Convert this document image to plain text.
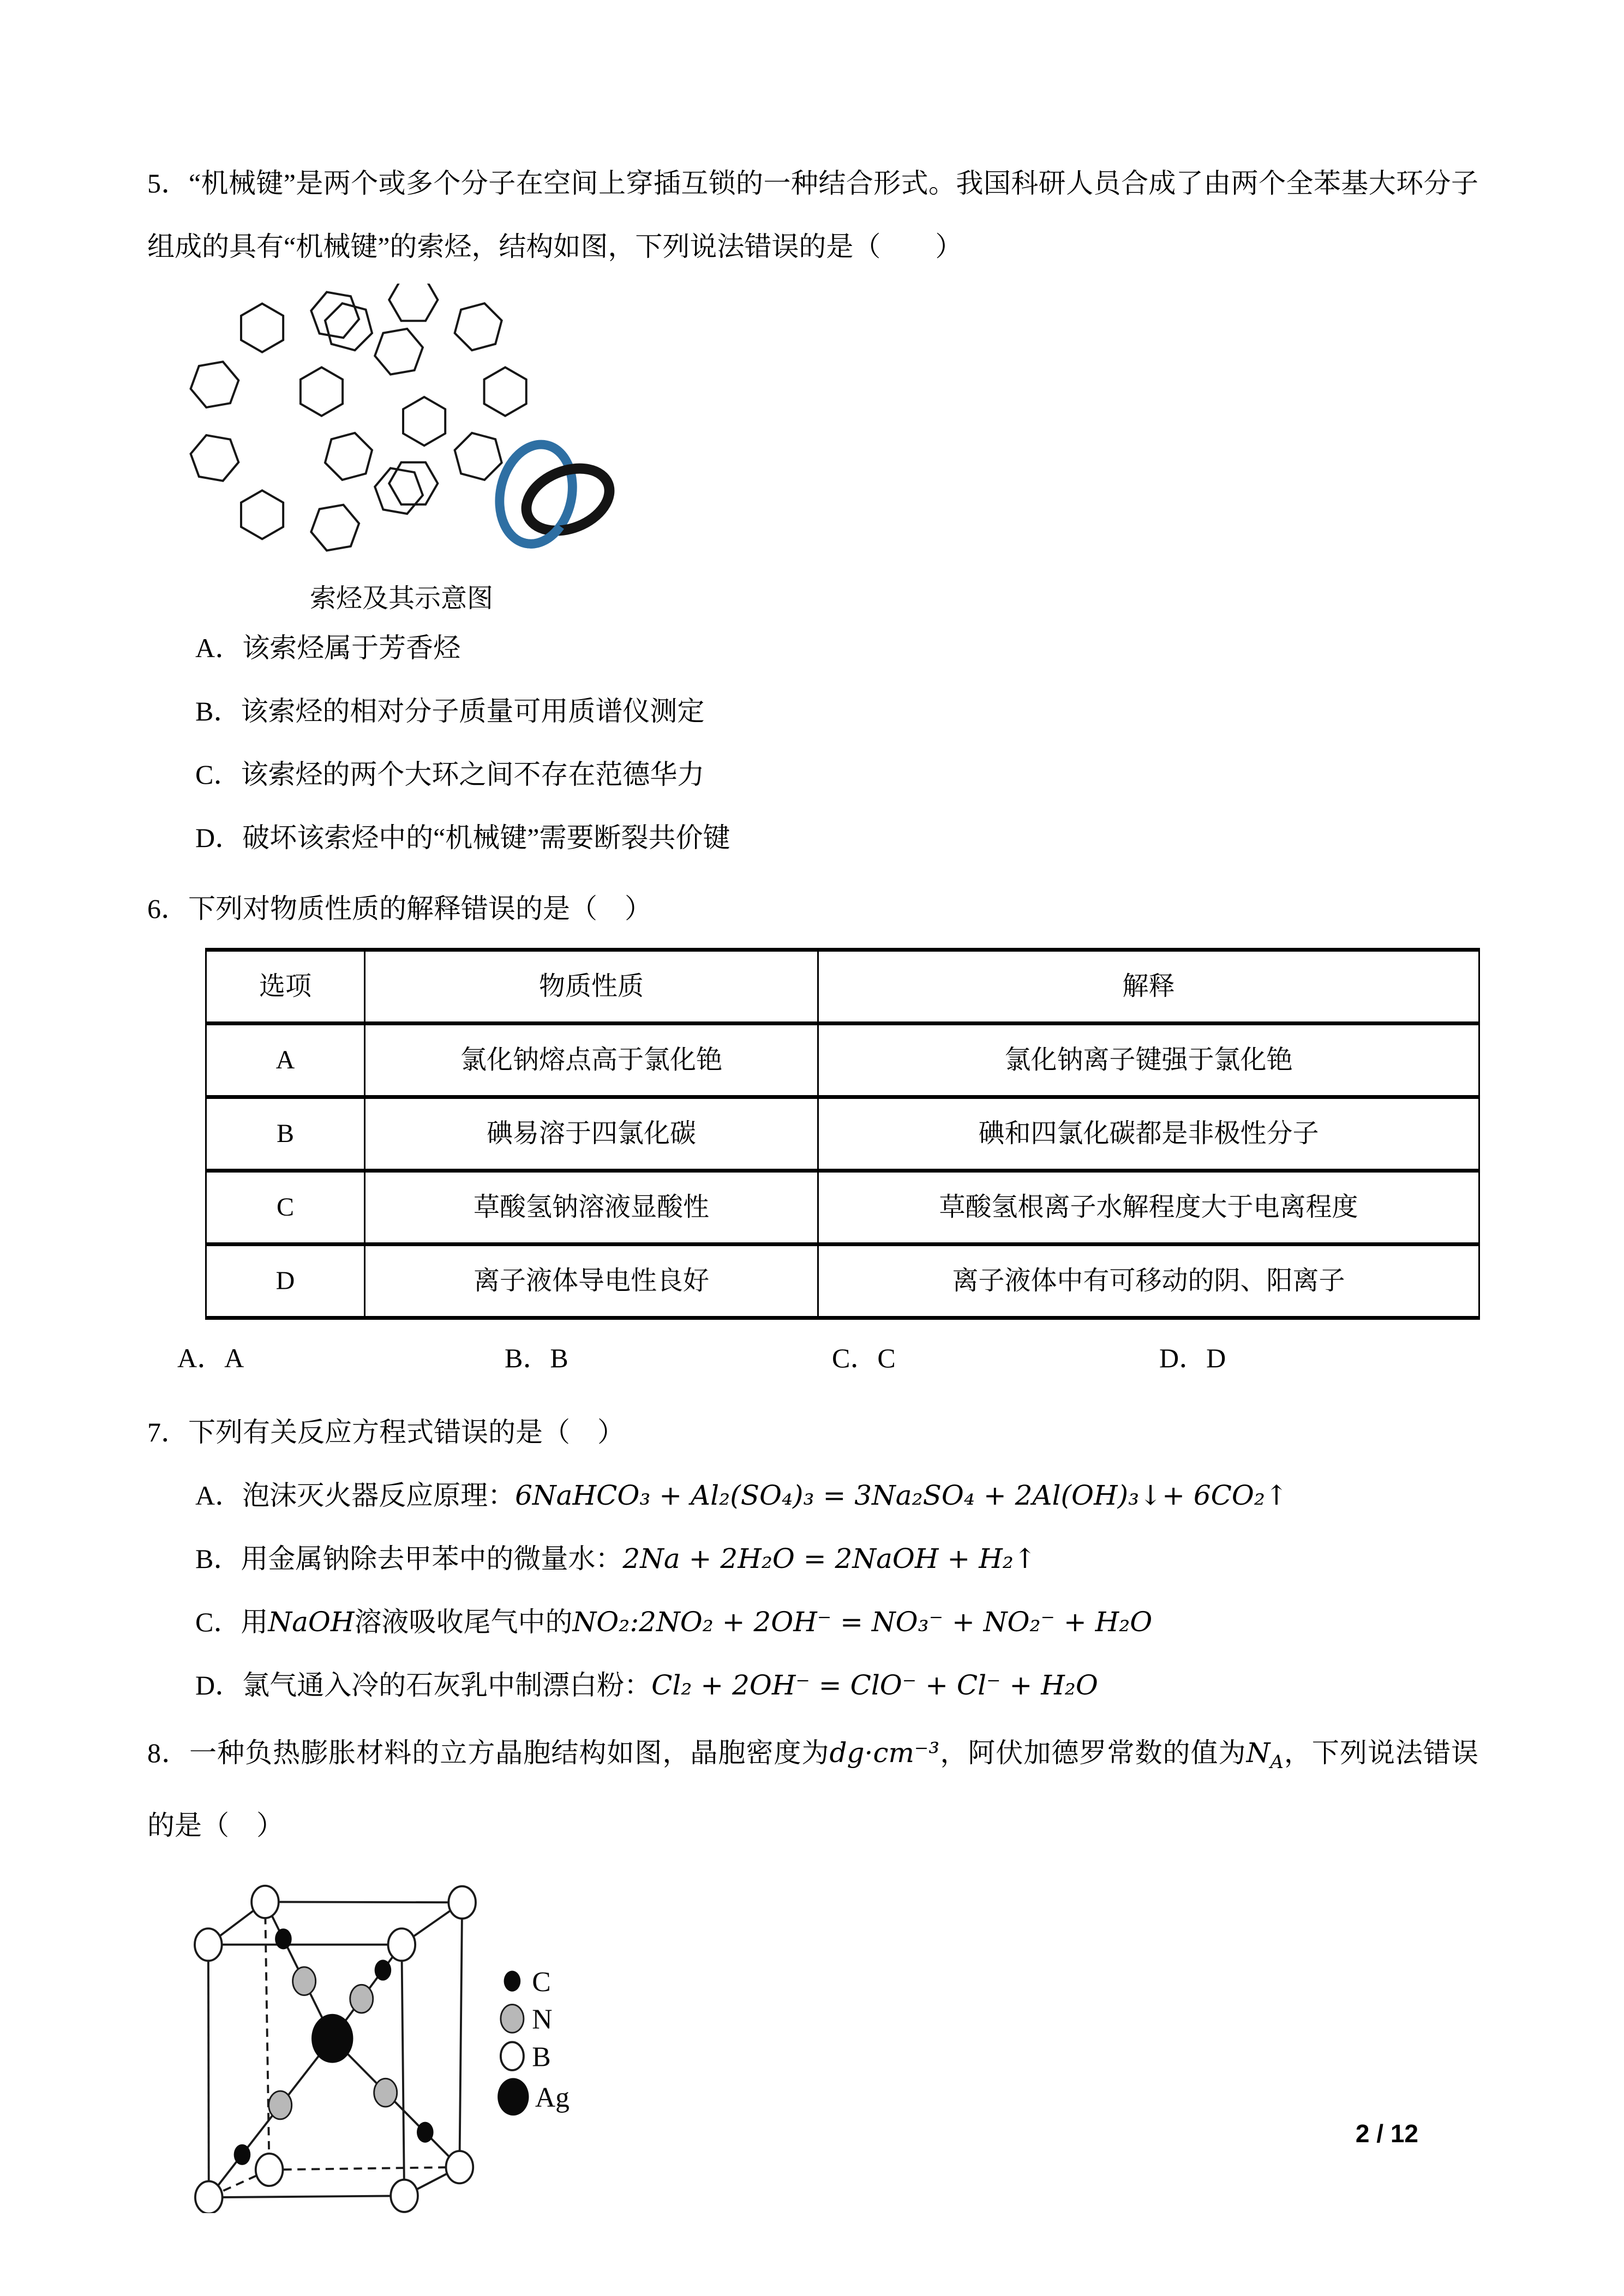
5．“机械键”是两个或多个分子在空间上穿插互锁的一种结合形式。我国科研人员合成了由两个全苯基大环分子组成的具有“机械键”的索烃，结构如图，下列说法错误的是（　　）

索烃及其示意图

A．该索烃属于芳香烃

B．该索烃的相对分子质量可用质谱仪测定

C．该索烃的两个大环之间不存在范德华力

D．破坏该索烃中的“机械键”需要断裂共价键

6．下列对物质性质的解释错误的是（　）

选项	物质性质	解释
A	氯化钠熔点高于氯化铯	氯化钠离子键强于氯化铯
B	碘易溶于四氯化碳	碘和四氯化碳都是非极性分子
C	草酸氢钠溶液显酸性	草酸氢根离子水解程度大于电离程度
D	离子液体导电性良好	离子液体中有可移动的阴、阳离子
A．A	B．B	C．C	D．D

7．下列有关反应方程式错误的是（　）

A．泡沫灭火器反应原理：6NaHCO₃ + Al₂(SO₄)₃ = 3Na₂SO₄ + 2Al(OH)₃↓+ 6CO₂↑

B．用金属钠除去甲苯中的微量水：2Na + 2H₂O = 2NaOH + H₂↑

C．用NaOH溶液吸收尾气中的NO₂:2NO₂ + 2OH⁻ = NO₃⁻ + NO₂⁻ + H₂O

D．氯气通入冷的石灰乳中制漂白粉：Cl₂ + 2OH⁻ = ClO⁻ + Cl⁻ + H₂O

8．一种负热膨胀材料的立方晶胞结构如图，晶胞密度为dg·cm⁻³，阿伏加德罗常数的值为$N_A$，下列说法错误的是（　）

C
N
B
Ag
2 / 12
